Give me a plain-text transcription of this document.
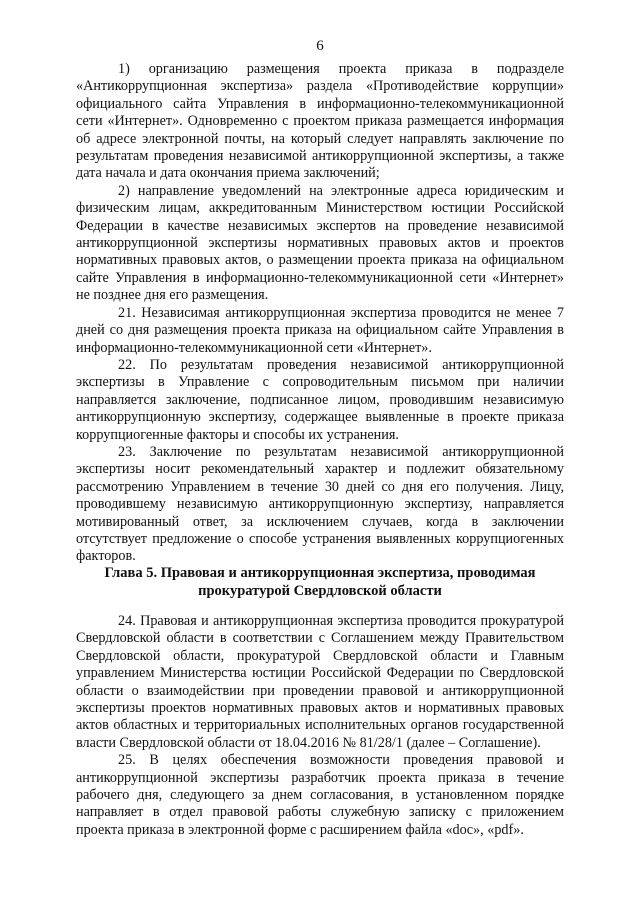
6

1) организацию размещения проекта приказа в подразделе «Антикоррупционная экспертиза» раздела «Противодействие коррупции» официального сайта Управления в информационно-телекоммуникационной сети «Интернет». Одновременно с проектом приказа размещается информация об адресе электронной почты, на который следует направлять заключение по результатам проведения независимой антикоррупционной экспертизы, а также дата начала и дата окончания приема заключений;

2) направление уведомлений на электронные адреса юридическим и физическим лицам, аккредитованным Министерством юстиции Российской Федерации в качестве независимых экспертов на проведение независимой антикоррупционной экспертизы нормативных правовых актов и проектов нормативных правовых актов, о размещении проекта приказа на официальном сайте Управления в информационно-телекоммуникационной сети «Интернет» не позднее дня его размещения.

21. Независимая антикоррупционная экспертиза проводится не менее 7 дней со дня размещения проекта приказа на официальном сайте Управления в информационно-телекоммуникационной сети «Интернет».

22. По результатам проведения независимой антикоррупционной экспертизы в Управление с сопроводительным письмом при наличии направляется заключение, подписанное лицом, проводившим независимую антикоррупционную экспертизу, содержащее выявленные в проекте приказа коррупциогенные факторы и способы их устранения.

23. Заключение по результатам независимой антикоррупционной экспертизы носит рекомендательный характер и подлежит обязательному рассмотрению Управлением в течение 30 дней со дня его получения. Лицу, проводившему независимую антикоррупционную экспертизу, направляется мотивированный ответ, за исключением случаев, когда в заключении отсутствует предложение о способе устранения выявленных коррупциогенных факторов.

Глава 5. Правовая и антикоррупционная экспертиза, проводимая
прокуратурой Свердловской области

24. Правовая и антикоррупционная экспертиза проводится прокуратурой Свердловской области в соответствии с Соглашением между Правительством Свердловской области, прокуратурой Свердловской области и Главным управлением Министерства юстиции Российской Федерации по Свердловской области о взаимодействии при проведении правовой и антикоррупционной экспертизы проектов нормативных правовых актов и нормативных правовых актов областных и территориальных исполнительных органов государственной власти Свердловской области от 18.04.2016 № 81/28/1 (далее – Соглашение).

25. В целях обеспечения возможности проведения правовой и антикоррупционной экспертизы разработчик проекта приказа в течение рабочего дня, следующего за днем согласования, в установленном порядке направляет в отдел правовой работы служебную записку с приложением проекта приказа в электронной форме с расширением файла «doc», «pdf».
